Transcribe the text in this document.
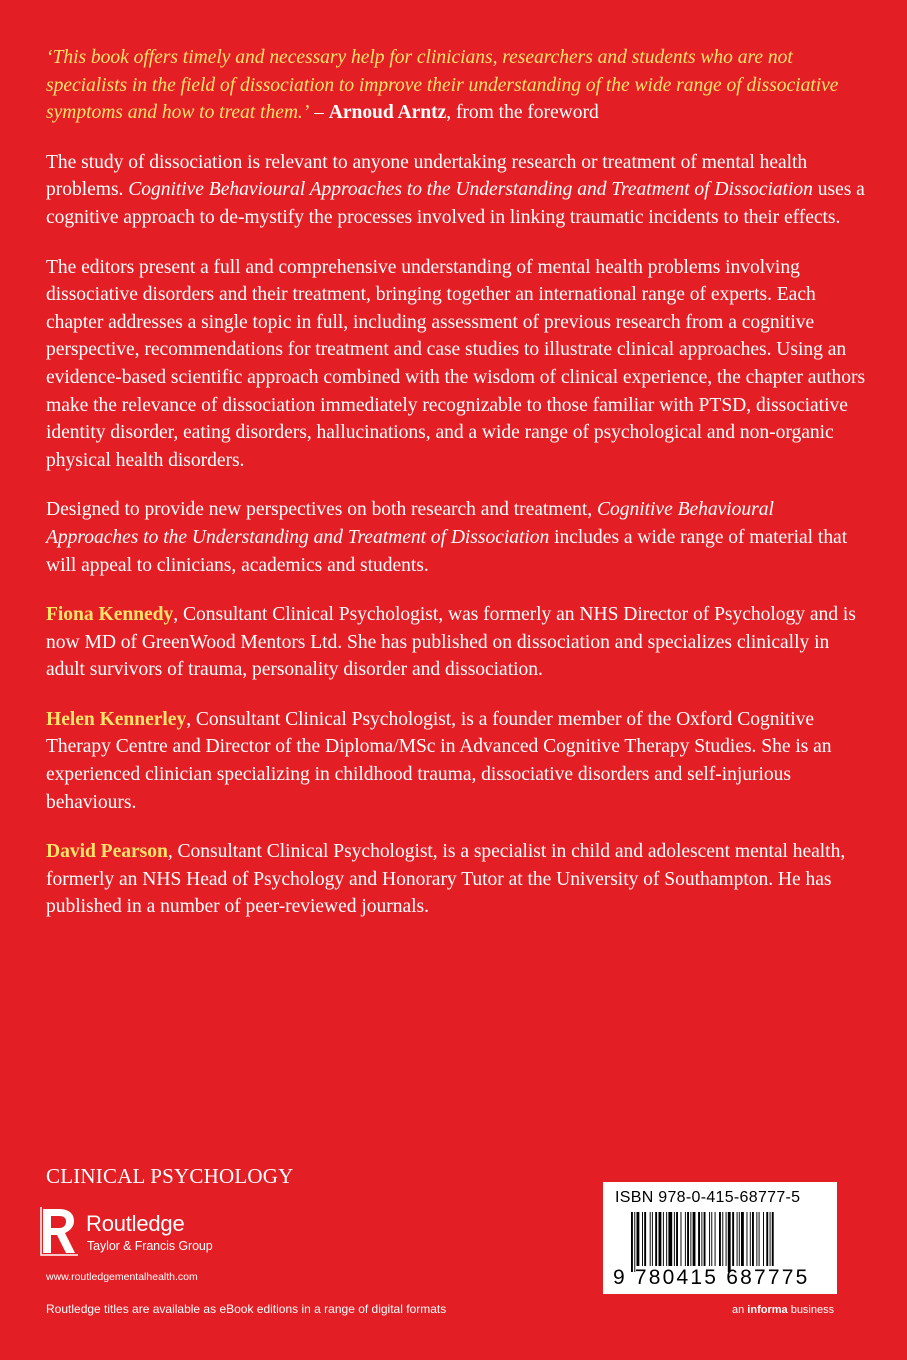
‘This book offers timely and necessary help for clinicians, researchers and students who are not specialists in the field of dissociation to improve their understanding of the wide range of dissociative symptoms and how to treat them.’ – Arnoud Arntz, from the foreword

The study of dissociation is relevant to anyone undertaking research or treatment of mental health problems. Cognitive Behavioural Approaches to the Understanding and Treatment of Dissociation uses a cognitive approach to de-mystify the processes involved in linking traumatic incidents to their effects.

The editors present a full and comprehensive understanding of mental health problems involving dissociative disorders and their treatment, bringing together an international range of experts. Each chapter addresses a single topic in full, including assessment of previous research from a cognitive perspective, recommendations for treatment and case studies to illustrate clinical approaches. Using an evidence-based scientific approach combined with the wisdom of clinical experience, the chapter authors make the relevance of dissociation immediately recognizable to those familiar with PTSD, dissociative identity disorder, eating disorders, hallucinations, and a wide range of psychological and non-organic physical health disorders.

Designed to provide new perspectives on both research and treatment, Cognitive Behavioural Approaches to the Understanding and Treatment of Dissociation includes a wide range of material that will appeal to clinicians, academics and students.

Fiona Kennedy, Consultant Clinical Psychologist, was formerly an NHS Director of Psychology and is now MD of GreenWood Mentors Ltd. She has published on dissociation and specializes clinically in adult survivors of trauma, personality disorder and dissociation.

Helen Kennerley, Consultant Clinical Psychologist, is a founder member of the Oxford Cognitive Therapy Centre and Director of the Diploma/MSc in Advanced Cognitive Therapy Studies. She is an experienced clinician specializing in childhood trauma, dissociative disorders and self-injurious behaviours.

David Pearson, Consultant Clinical Psychologist, is a specialist in child and adolescent mental health, formerly an NHS Head of Psychology and Honorary Tutor at the University of Southampton. He has published in a number of peer-reviewed journals.

CLINICAL PSYCHOLOGY
Routledge
Taylor & Francis Group
www.routledgementalhealth.com
Routledge titles are available as eBook editions in a range of digital formats
ISBN 978-0-415-68777-5
9 780415 687775
an informa business
